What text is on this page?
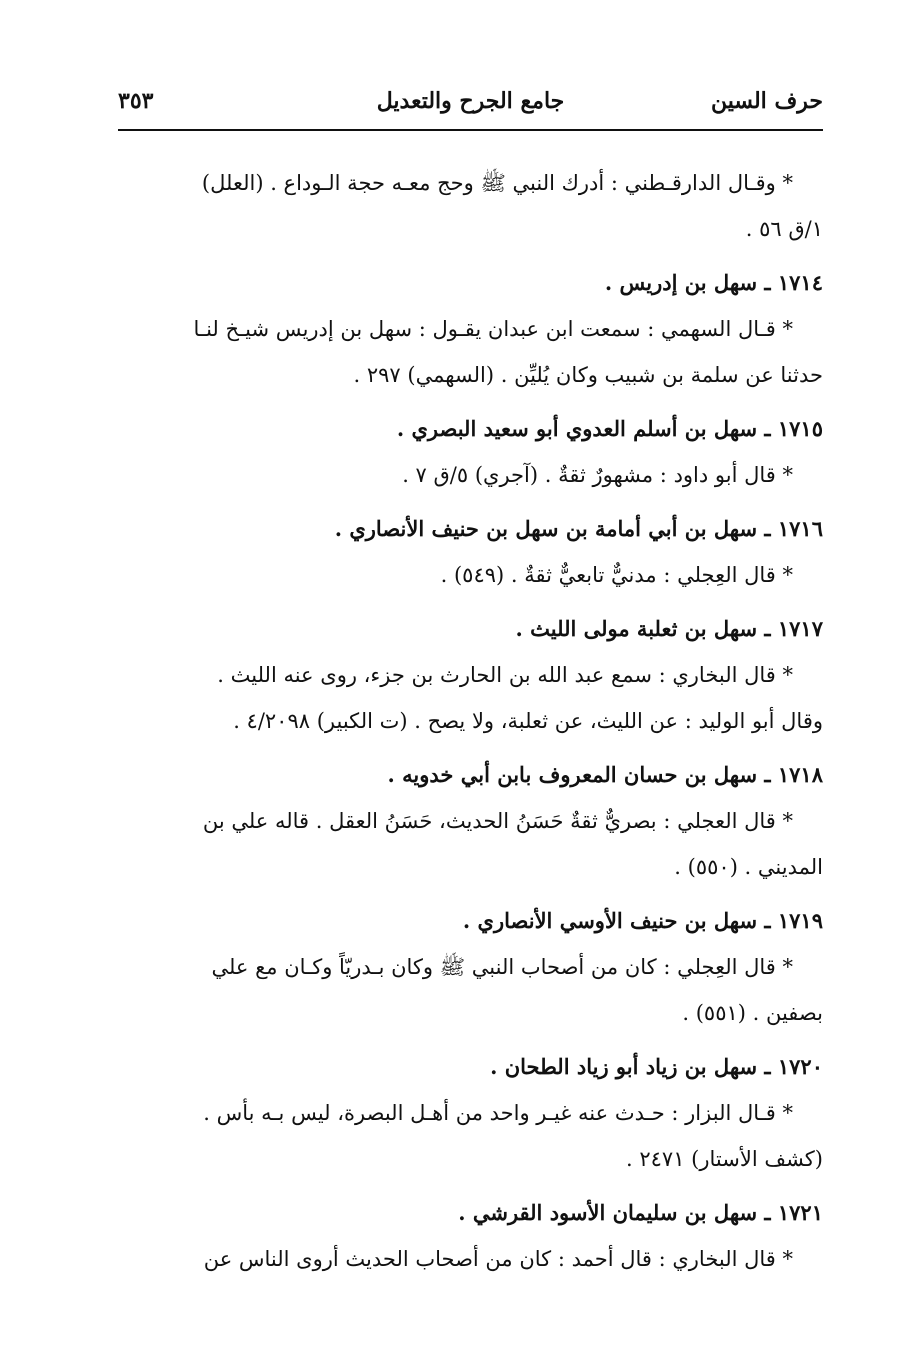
حرف السين
جامع الجرح والتعديل
٣٥٣
* وقـال الدارقـطني : أدرك النبي ﷺ وحج معـه حجة الـوداع . (العلل)
١/ق ٥٦ .
١٧١٤ ـ سهل بن إدريس .
* قـال السهمي : سمعت ابن عبدان يقـول : سهل بن إدريس شيـخ لنـا
حدثنا عن سلمة بن شبيب وكان يُليِّن . (السهمي) ٢٩٧ .
١٧١٥ ـ سهل بن أسلم العدوي أبو سعيد البصري .
* قال أبو داود : مشهورٌ ثقةٌ . (آجري) ٥/ق ٧ .
١٧١٦ ـ سهل بن أبي أمامة بن سهل بن حنيف الأنصاري .
* قال العِجلي : مدنيٌّ تابعيٌّ ثقةٌ . (٥٤٩) .
١٧١٧ ـ سهل بن ثعلبة مولى الليث .
* قال البخاري : سمع عبد الله بن الحارث بن جزء، روى عنه الليث .
وقال أبو الوليد : عن الليث، عن ثعلبة، ولا يصح . (ت الكبير) ٤/٢٠٩٨ .
١٧١٨ ـ سهل بن حسان المعروف بابن أبي خدويه .
* قال العجلي : بصريٌّ ثقةٌ حَسَنُ الحديث، حَسَنُ العقل . قاله علي بن
المديني . (٥٥٠) .
١٧١٩ ـ سهل بن حنيف الأوسي الأنصاري .
* قال العِجلي : كان من أصحاب النبي ﷺ وكان بـدريّاً وكـان مع علي
بصفين . (٥٥١) .
١٧٢٠ ـ سهل بن زياد أبو زياد الطحان .
* قـال البزار : حـدث عنه غيـر واحد من أهـل البصرة، ليس بـه بأس .
(كشف الأستار) ٢٤٧١ .
١٧٢١ ـ سهل بن سليمان الأسود القرشي .
* قال البخاري : قال أحمد : كان من أصحاب الحديث أروى الناس عن
